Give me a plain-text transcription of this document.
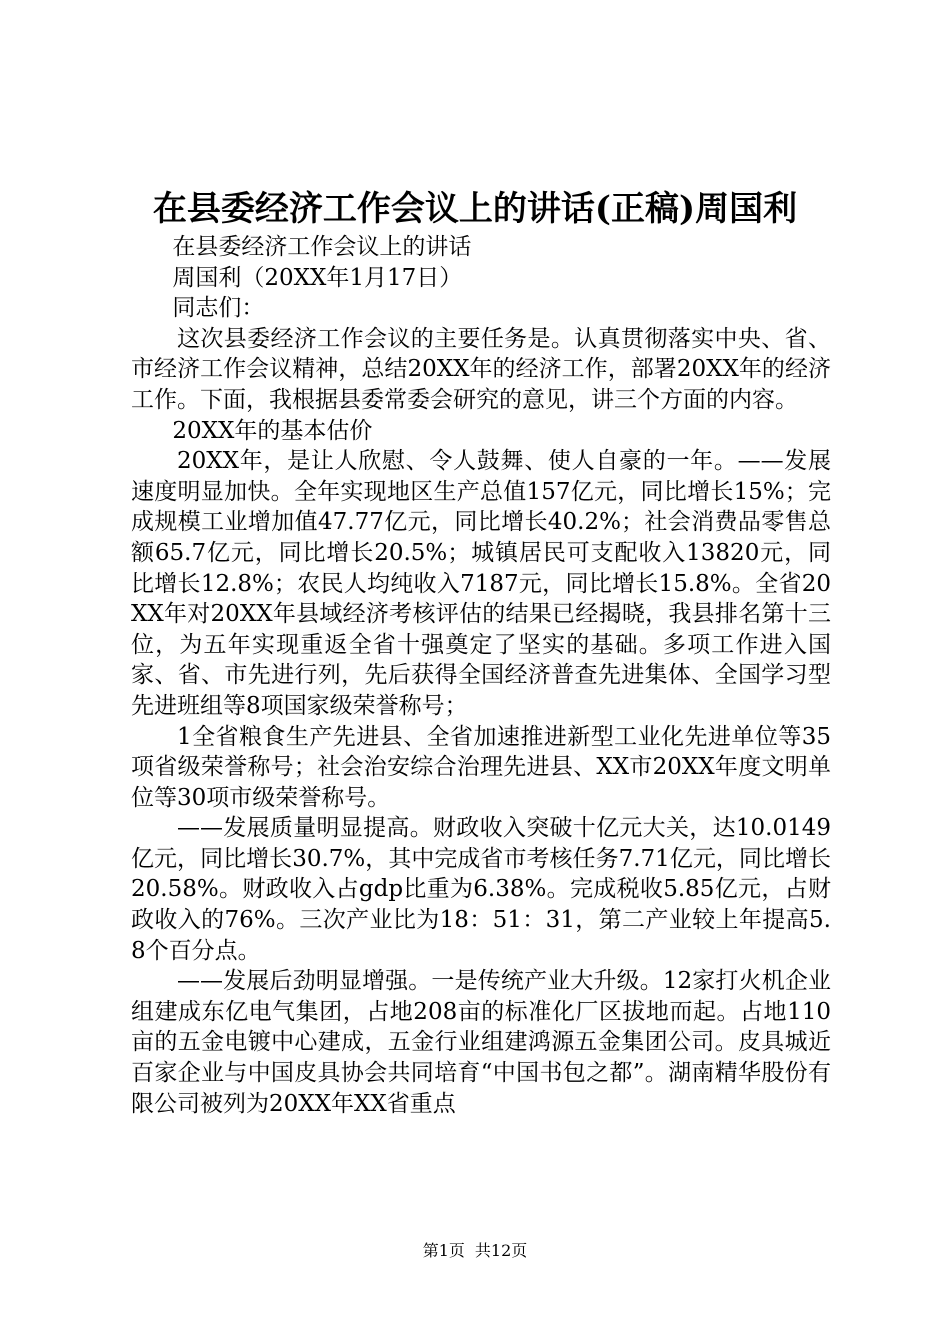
在县委经济工作会议上的讲话(正稿)周国利

在县委经济工作会议上的讲话

周国利（20XX年1月17日）

同志们：

这次县委经济工作会议的主要任务是。认真贯彻落实中央、省、市经济工作会议精神，总结20XX年的经济工作，部署20XX年的经济工作。下面，我根据县委常委会研究的意见，讲三个方面的内容。

20XX年的基本估价

20XX年，是让人欣慰、令人鼓舞、使人自豪的一年。——发展速度明显加快。全年实现地区生产总值157亿元，同比增长15%；完成规模工业增加值47.77亿元，同比增长40.2%；社会消费品零售总额65.7亿元，同比增长20.5%；城镇居民可支配收入13820元，同比增长12.8%；农民人均纯收入7187元，同比增长15.8%。全省20XX年对20XX年县域经济考核评估的结果已经揭晓，我县排名第十三位，为五年实现重返全省十强奠定了坚实的基础。多项工作进入国家、省、市先进行列，先后获得全国经济普查先进集体、全国学习型先进班组等8项国家级荣誉称号；

1全省粮食生产先进县、全省加速推进新型工业化先进单位等35项省级荣誉称号；社会治安综合治理先进县、XX市20XX年度文明单位等30项市级荣誉称号。

——发展质量明显提高。财政收入突破十亿元大关，达10.0149亿元，同比增长30.7%，其中完成省市考核任务7.71亿元，同比增长20.58%。财政收入占gdp比重为6.38%。完成税收5.85亿元，占财政收入的76%。三次产业比为18：51：31，第二产业较上年提高5.8个百分点。

——发展后劲明显增强。一是传统产业大升级。12家打火机企业组建成东亿电气集团，占地208亩的标准化厂区拔地而起。占地110亩的五金电镀中心建成，五金行业组建鸿源五金集团公司。皮具城近百家企业与中国皮具协会共同培育“中国书包之都”。湖南精华股份有限公司被列为20XX年XX省重点

第1页 共12页
